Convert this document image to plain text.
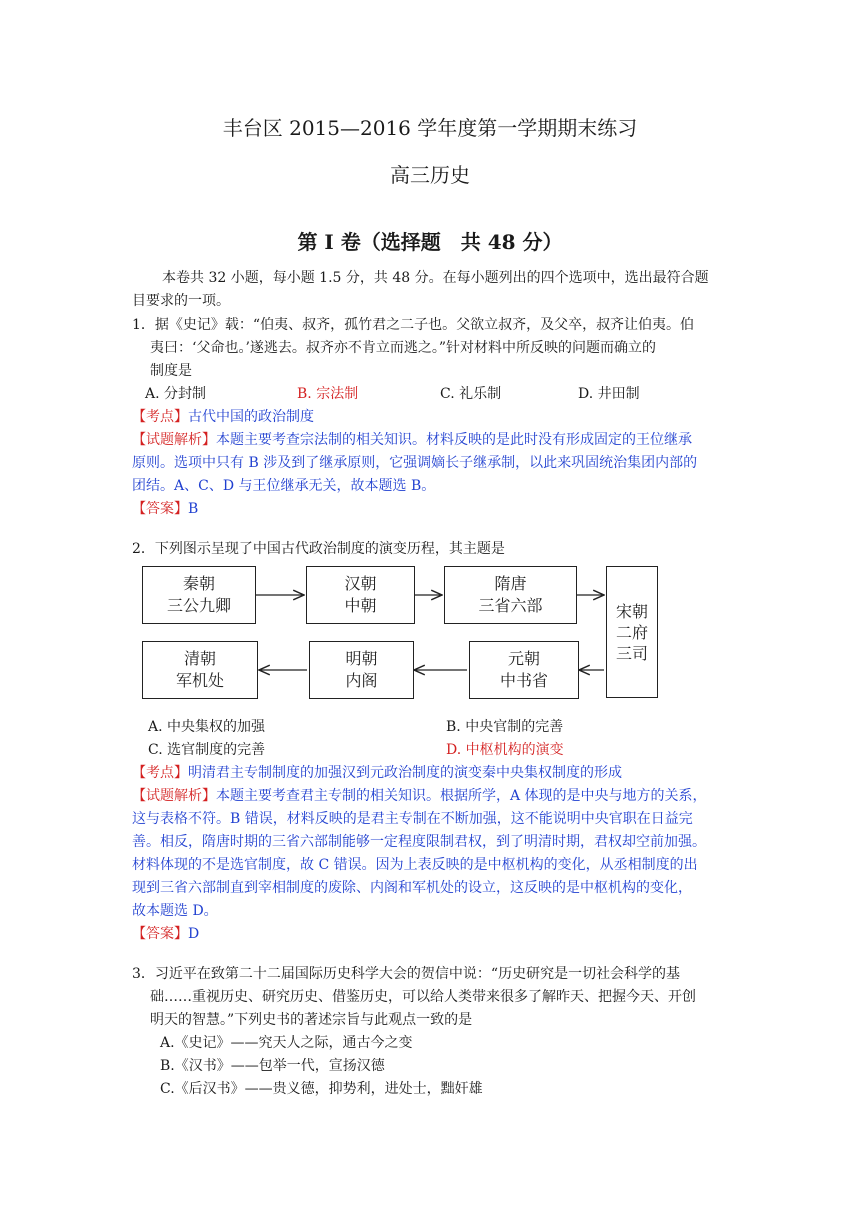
丰台区 2015—2016 学年度第一学期期末练习
高三历史
第 I 卷（选择题　共 48 分）
本卷共 32 小题，每小题 1.5 分，共 48 分。在每小题列出的四个选项中，选出最符合题
目要求的一项。
1．据《史记》载：“伯夷、叔齐，孤竹君之二子也。父欲立叔齐，及父卒，叔齐让伯夷。伯
夷曰：‘父命也。’遂逃去。叔齐亦不肯立而逃之。”针对材料中所反映的问题而确立的
制度是
A. 分封制	B. 宗法制	C. 礼乐制	D. 井田制
【考点】古代中国的政治制度
【试题解析】本题主要考查宗法制的相关知识。材料反映的是此时没有形成固定的王位继承
原则。选项中只有 B 涉及到了继承原则，它强调嫡长子继承制，以此来巩固统治集团内部的
团结。A、C、D 与王位继承无关，故本题选 B。
【答案】B
2．下列图示呈现了中国古代政治制度的演变历程，其主题是
秦朝
三公九卿
汉朝
中朝
隋唐
三省六部	宋朝
二府
三司
清朝
军机处
明朝
内阁
元朝
中书省
A. 中央集权的加强	B. 中央官制的完善
C. 选官制度的完善	D. 中枢机构的演变
【考点】明清君主专制制度的加强汉到元政治制度的演变秦中央集权制度的形成
【试题解析】本题主要考查君主专制的相关知识。根据所学，A 体现的是中央与地方的关系，
这与表格不符。B 错误，材料反映的是君主专制在不断加强，这不能说明中央官职在日益完
善。相反，隋唐时期的三省六部制能够一定程度限制君权，到了明清时期，君权却空前加强。
材料体现的不是选官制度，故 C 错误。因为上表反映的是中枢机构的变化，从丞相制度的出
现到三省六部制直到宰相制度的废除、内阁和军机处的设立，这反映的是中枢机构的变化，
故本题选 D。
【答案】D
3．习近平在致第二十二届国际历史科学大会的贺信中说：“历史研究是一切社会科学的基
础……重视历史、研究历史、借鉴历史，可以给人类带来很多了解昨天、把握今天、开创
明天的智慧。”下列史书的著述宗旨与此观点一致的是
A.《史记》——究天人之际，通古今之变
B.《汉书》——包举一代，宣扬汉德
C.《后汉书》——贵义德，抑势利，进处士，黜奸雄
